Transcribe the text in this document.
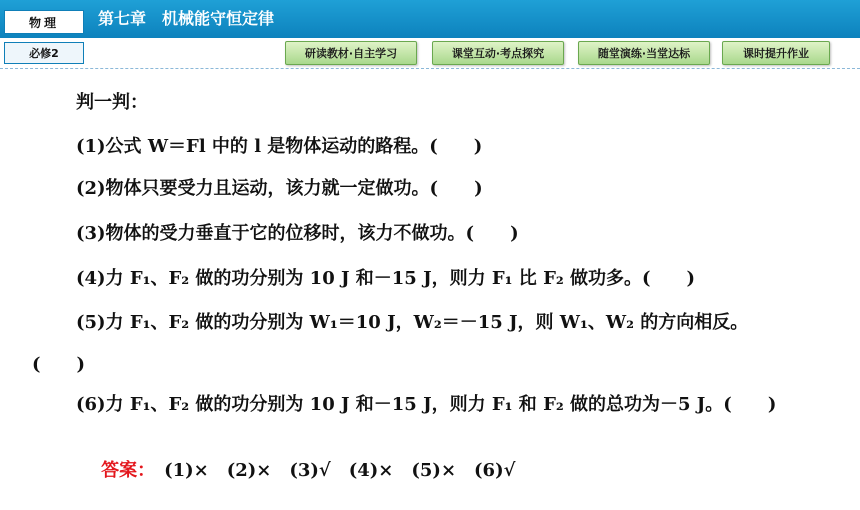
物理	第七章　机械能守恒定律
必修2	研读教材·自主学习	课堂互动·考点探究	随堂演练·当堂达标	课时提升作业
判一判：
(1)公式 W＝Fl 中的 l 是物体运动的路程。(　　)
(2)物体只要受力且运动，该力就一定做功。(　　)
(3)物体的受力垂直于它的位移时，该力不做功。(　　)
(4)力 F₁、F₂ 做的功分别为 10 J 和－15 J，则力 F₁ 比 F₂ 做功多。(　　)
(5)力 F₁、F₂ 做的功分别为 W₁＝10 J，W₂＝－15 J，则 W₁、W₂ 的方向相反。
(　　)
(6)力 F₁、F₂ 做的功分别为 10 J 和－15 J，则力 F₁ 和 F₂ 做的总功为－5 J。(　　)

答案：　 (1)×　(2)×　(3)√　(4)×　(5)×　(6)√
